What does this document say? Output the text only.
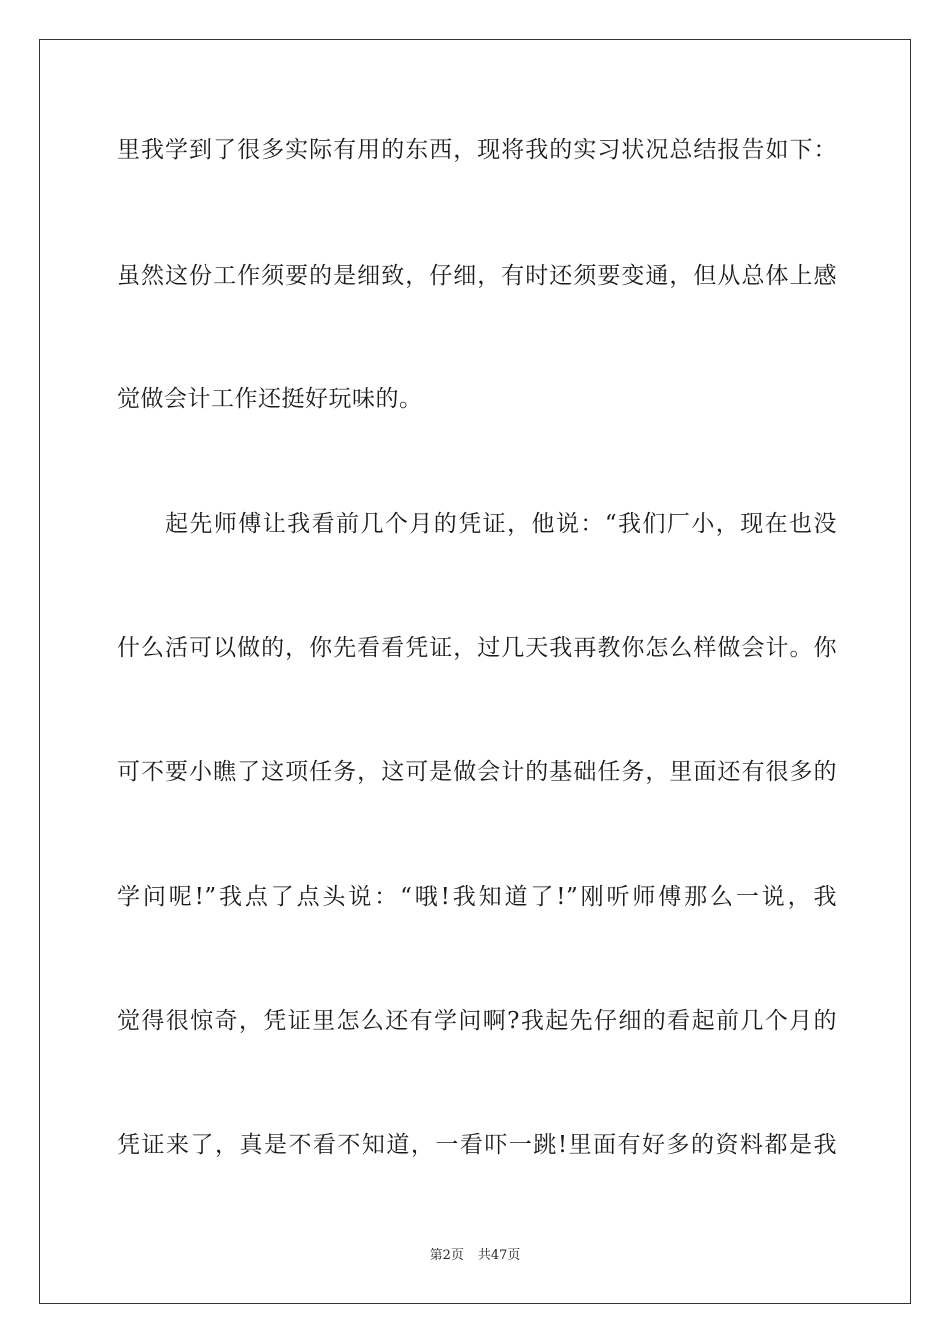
里我学到了很多实际有用的东西，现将我的实习状况总结报告如下：
虽然这份工作须要的是细致，仔细，有时还须要变通，但从总体上感
觉做会计工作还挺好玩味的。
起先师傅让我看前几个月的凭证，他说：“我们厂小，现在也没
什么活可以做的，你先看看凭证，过几天我再教你怎么样做会计。你
可不要小瞧了这项任务，这可是做会计的基础任务，里面还有很多的
学问呢!”我点了点头说：“哦!我知道了!”刚听师傅那么一说，我
觉得很惊奇，凭证里怎么还有学问啊?我起先仔细的看起前几个月的
凭证来了，真是不看不知道，一看吓一跳!里面有好多的资料都是我
第2页 共47页
